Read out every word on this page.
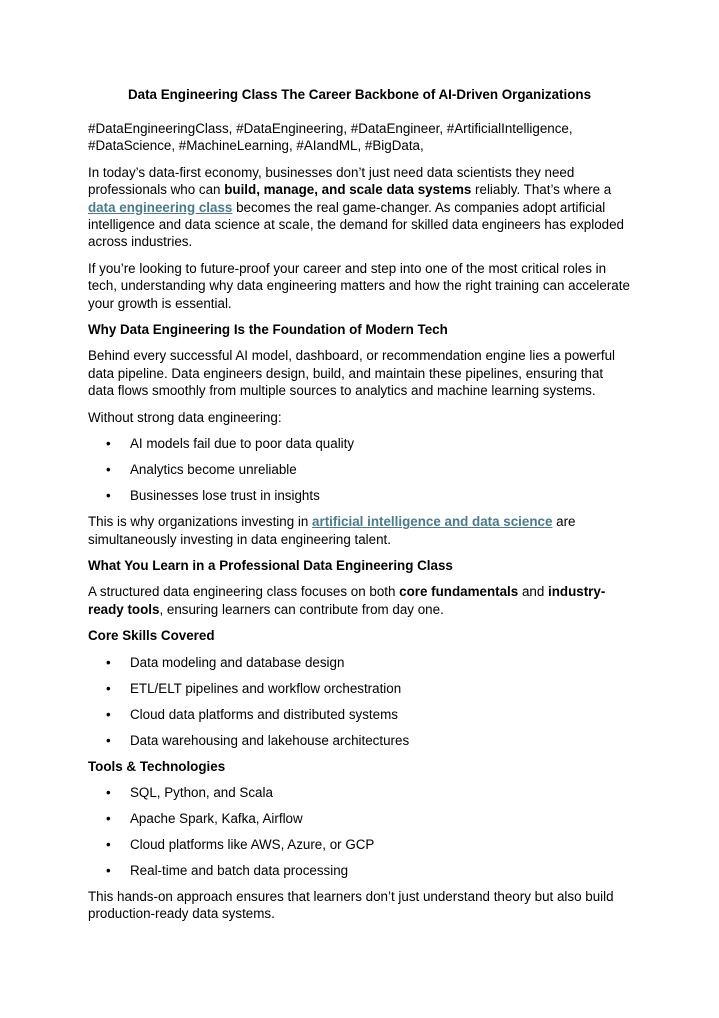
Data Engineering Class The Career Backbone of AI-Driven Organizations

#DataEngineeringClass, #DataEngineering, #DataEngineer, #ArtificialIntelligence, #DataScience, #MachineLearning, #AIandML, #BigData,

In today’s data-first economy, businesses don’t just need data scientists they need professionals who can build, manage, and scale data systems reliably. That’s where a data engineering class becomes the real game-changer. As companies adopt artificial intelligence and data science at scale, the demand for skilled data engineers has exploded across industries.

If you’re looking to future-proof your career and step into one of the most critical roles in tech, understanding why data engineering matters and how the right training can accelerate your growth is essential.

Why Data Engineering Is the Foundation of Modern Tech

Behind every successful AI model, dashboard, or recommendation engine lies a powerful data pipeline. Data engineers design, build, and maintain these pipelines, ensuring that data flows smoothly from multiple sources to analytics and machine learning systems.

Without strong data engineering:

• AI models fail due to poor data quality
• Analytics become unreliable
• Businesses lose trust in insights

This is why organizations investing in artificial intelligence and data science are simultaneously investing in data engineering talent.

What You Learn in a Professional Data Engineering Class

A structured data engineering class focuses on both core fundamentals and industry-ready tools, ensuring learners can contribute from day one.

Core Skills Covered

• Data modeling and database design
• ETL/ELT pipelines and workflow orchestration
• Cloud data platforms and distributed systems
• Data warehousing and lakehouse architectures

Tools & Technologies

• SQL, Python, and Scala
• Apache Spark, Kafka, Airflow
• Cloud platforms like AWS, Azure, or GCP
• Real-time and batch data processing

This hands-on approach ensures that learners don’t just understand theory but also build production-ready data systems.
